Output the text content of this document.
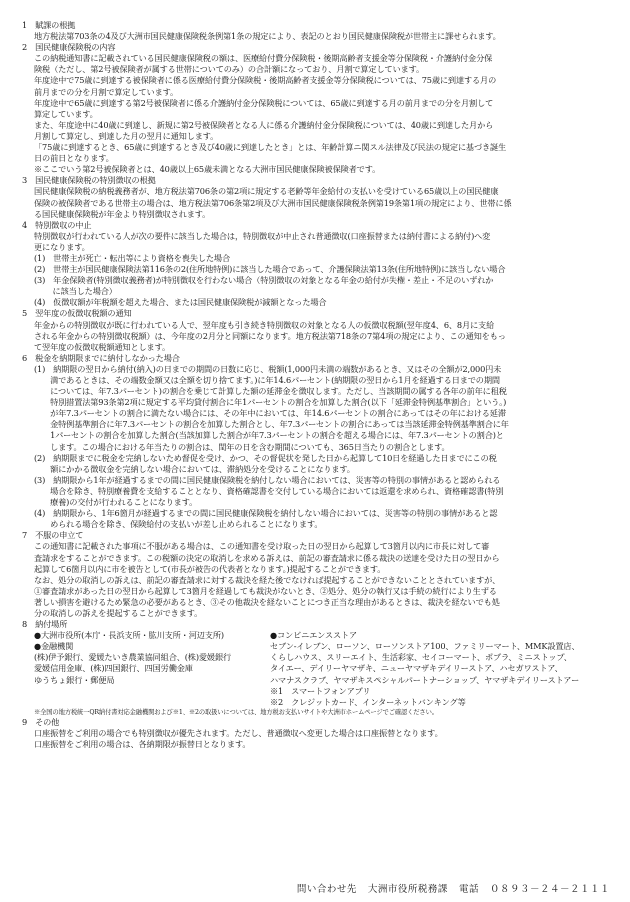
1　賦課の根拠
地方税法第703条の4及び大洲市国民健康保険税条例第1条の規定により、表記のとおり国民健康保険税が世帯主に課せられます。
2　国民健康保険税の内容
この納税通知書に記載されている国民健康保険税の額は、医療給付費分保険税・後期高齢者支援金等分保険税・介護納付金分保
険税（ただし、第2号被保険者が属する世帯についてのみ）の合計額になっており、月割で算定しています。
年度途中で75歳に到達する被保険者に係る医療給付費分保険税・後期高齢者支援金等分保険税については、75歳に到達する月の
前月までの分を月割で算定しています。
年度途中で65歳に到達する第2号被保険者に係る介護納付金分保険税については、65歳に到達する月の前月までの分を月割して
算定しています。
また、年度途中に40歳に到達し、新規に第2号被保険者となる人に係る介護納付金分保険税については、40歳に到達した月から
月割して算定し、到達した月の翌月に通知します。
「75歳に到達するとき、65歳に到達するとき及び40歳に到達したとき」とは、年齢計算ニ関スル法律及び民法の規定に基づき誕生
日の前日となります。
※ここでいう第2号被保険者とは、40歳以上65歳未満となる大洲市国民健康保険被保険者です。
3　国民健康保険税の特別徴収の根拠
国民健康保険税の納税義務者が、地方税法第706条の第2項に規定する老齢等年金給付の支払いを受けている65歳以上の国民健康
保険の被保険者である世帯主の場合は、地方税法第706条第2項及び大洲市国民健康保険税条例第19条第1項の規定により、世帯に係
る国民健康保険税が年金より特別徴収されます。
4　特別徴収の中止
特別徴収が行われている人が次の要件に該当した場合は，特別徴収が中止され普通徴収(口座振替または納付書による納付)へ変
更になります。
(1)　世帯主が死亡・転出等により資格を喪失した場合
(2)　世帯主が国民健康保険法第116条の2(住所地特例)に該当した場合であって、介護保険法第13条(住所地特例)に該当しない場合
(3)　年金保険者(特別徴収義務者)が特別徴収を行わない場合（特別徴収の対象となる年金の給付が失権・差止・不足のいずれか
　　 に該当した場合）
(4)　仮徴収額が年税額を超えた場合、または国民健康保険税が減額となった場合
5　翌年度の仮徴収税額の通知
年金からの特別徴収が既に行われている人で、翌年度も引き続き特別徴収の対象となる人の仮徴収税額(翌年度4、6、8月に支給
される年金からの特別徴収税額）は、今年度の2月分と同額になります。地方税法第718条の7第4項の規定により、この通知をもっ
て翌年度の仮徴収税額通知とします。
6　税金を納期限までに納付しなかった場合
(1)　納期限の翌日から納付(納入)の日までの期間の日数に応じ、税額(1,000円未満の端数があるとき、又はその全額が2,000円未
　　満であるときは、その端数金額又は全額を切り捨てます。)に年14.6パーセント(納期限の翌日から1月を経過する日までの期間
　　については、年7.3パーセント)の割合を乗じて計算した額の延滞金を徴収します。ただし、当該期間の属する各年の前年に租税
　　特別措置法第93条第2項に規定する平均貸付割合に年1パーセントの割合を加算した割合(以下「延滞金特例基準割合」という。)
　　が年7.3パーセントの割合に満たない場合には、その年中においては、年14.6パーセントの割合にあってはその年における延滞
　　金特例基準割合に年7.3パーセントの割合を加算した割合とし、年7.3パーセントの割合にあっては当該延滞金特例基準割合に年
　　1パーセントの割合を加算した割合(当該加算した割合が年7.3パーセントの割合を超える場合には、年7.3パーセントの割合)と
　　します。この場合における年当たりの割合は、閏年の日を含む期間についても、365日当たりの割合とします。
(2)　納期限までに税金を完納しないため督促を受け、かつ、その督促状を発した日から起算して10日を経過した日までにこの税
　　額にかかる徴収金を完納しない場合においては、滞納処分を受けることになります。
(3)　納期限から1年が経過するまでの間に国民健康保険税を納付しない場合においては、災害等の特別の事情があると認められる
　　場合を除き、特別療養費を支給することとなり、資格確認書を交付している場合においては返還を求められ、資格確認書(特別
　　療養)の交付が行われることになります。
(4)　納期限から、1年6箇月が経過するまでの間に国民健康保険税を納付しない場合においては、災害等の特別の事情があると認
　　められる場合を除き、保険給付の支払いが差し止められることになります。
7　不服の申立て
この通知書に記載された事項に不服がある場合は、この通知書を受け取った日の翌日から起算して3箇月以内に市長に対して審
査請求をすることができます。この税額の決定の取消しを求める訴えは、前記の審査請求に係る裁決の送達を受けた日の翌日から
起算して6箇月以内に市を被告として(市長が被告の代表者となります。)提起することができます。
なお、処分の取消しの訴えは、前記の審査請求に対する裁決を経た後でなければ提起することができないこととされていますが、
①審査請求があった日の翌日から起算して3箇月を経過しても裁決がないとき、②処分、処分の執行又は手続の続行により生ずる
著しい損害を避けるため緊急の必要があるとき、③その他裁決を経ないことにつき正当な理由があるときは、裁決を経ないでも処
分の取消しの訴えを提起することができます。
8　納付場所
●大洲市役所(本庁・長浜支所・肱川支所・河辺支所)
●金融機関
(株)伊予銀行、愛媛たいき農業協同組合、(株)愛媛銀行
愛媛信用金庫、(株)四国銀行、四国労働金庫
ゆうちょ銀行・郵便局
●コンビニエンスストア
セブン-イレブン、ローソン、ローソンストア100、ファミリーマート、MMK設置店、
くらしハウス、スリーエイト、生活彩家、セイコーマート、ポプラ、ミニストップ、
タイエー、デイリーヤマザキ、ニューヤマザキデイリーストア、ハセガワストア、
ハマナスクラブ、ヤマザキスペシャルパートナーショップ、ヤマザキデイリーストアー
※1　スマートフォンアプリ
※2　クレジットカード、インターネットバンキング等
※全国の地方税統一QR納付書対応金融機関および※1、※2の取扱いについては、地方税お支払いサイトや大洲市ホームページでご確認ください。
9　その他
口座振替をご利用の場合でも特別徴収が優先されます。ただし、普通徴収へ変更した場合は口座振替となります。
口座振替をご利用の場合は、各納期限が振替日となります。
問い合わせ先 大洲市役所税務課 電話 ０８９３－２４－２１１１
